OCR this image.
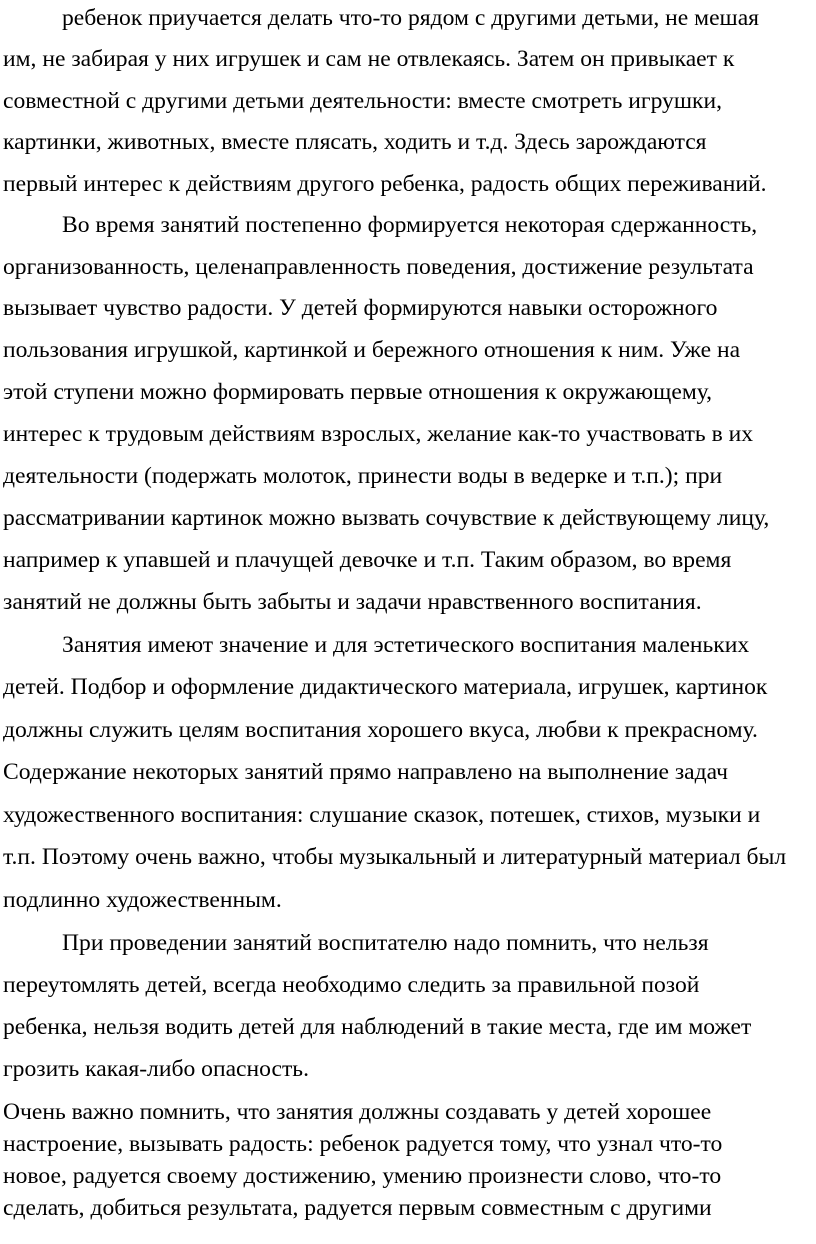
ребенок приучается делать что-то рядом с другими детьми, не мешая
им, не забирая у них игрушек и сам не отвлекаясь. Затем он привыкает к
совместной с другими детьми деятельности: вместе смотреть игрушки,
картинки, животных, вместе плясать, ходить и т.д. Здесь зарождаются
первый интерес к действиям другого ребенка, радость общих переживаний.
Во время занятий постепенно формируется некоторая сдержанность,
организованность, целенаправленность поведения, достижение результата
вызывает чувство радости. У детей формируются навыки осторожного
пользования игрушкой, картинкой и бережного отношения к ним. Уже на
этой ступени можно формировать первые отношения к окружающему,
интерес к трудовым действиям взрослых, желание как-то участвовать в их
деятельности (подержать молоток, принести воды в ведерке и т.п.); при
рассматривании картинок можно вызвать сочувствие к действующему лицу,
например к упавшей и плачущей девочке и т.п. Таким образом, во время
занятий не должны быть забыты и задачи нравственного воспитания.
Занятия имеют значение и для эстетического воспитания маленьких
детей. Подбор и оформление дидактического материала, игрушек, картинок
должны служить целям воспитания хорошего вкуса, любви к прекрасному.
Содержание некоторых занятий прямо направлено на выполнение задач
художественного воспитания: слушание сказок, потешек, стихов, музыки и
т.п. Поэтому очень важно, чтобы музыкальный и литературный материал был
подлинно художественным.
При проведении занятий воспитателю надо помнить, что нельзя
переутомлять детей, всегда необходимо следить за правильной позой
ребенка, нельзя водить детей для наблюдений в такие места, где им может
грозить какая-либо опасность.
Очень важно помнить, что занятия должны создавать у детей хорошее
настроение, вызывать радость: ребенок радуется тому, что узнал что-то
новое, радуется своему достижению, умению произнести слово, что-то
сделать, добиться результата, радуется первым совместным с другими
